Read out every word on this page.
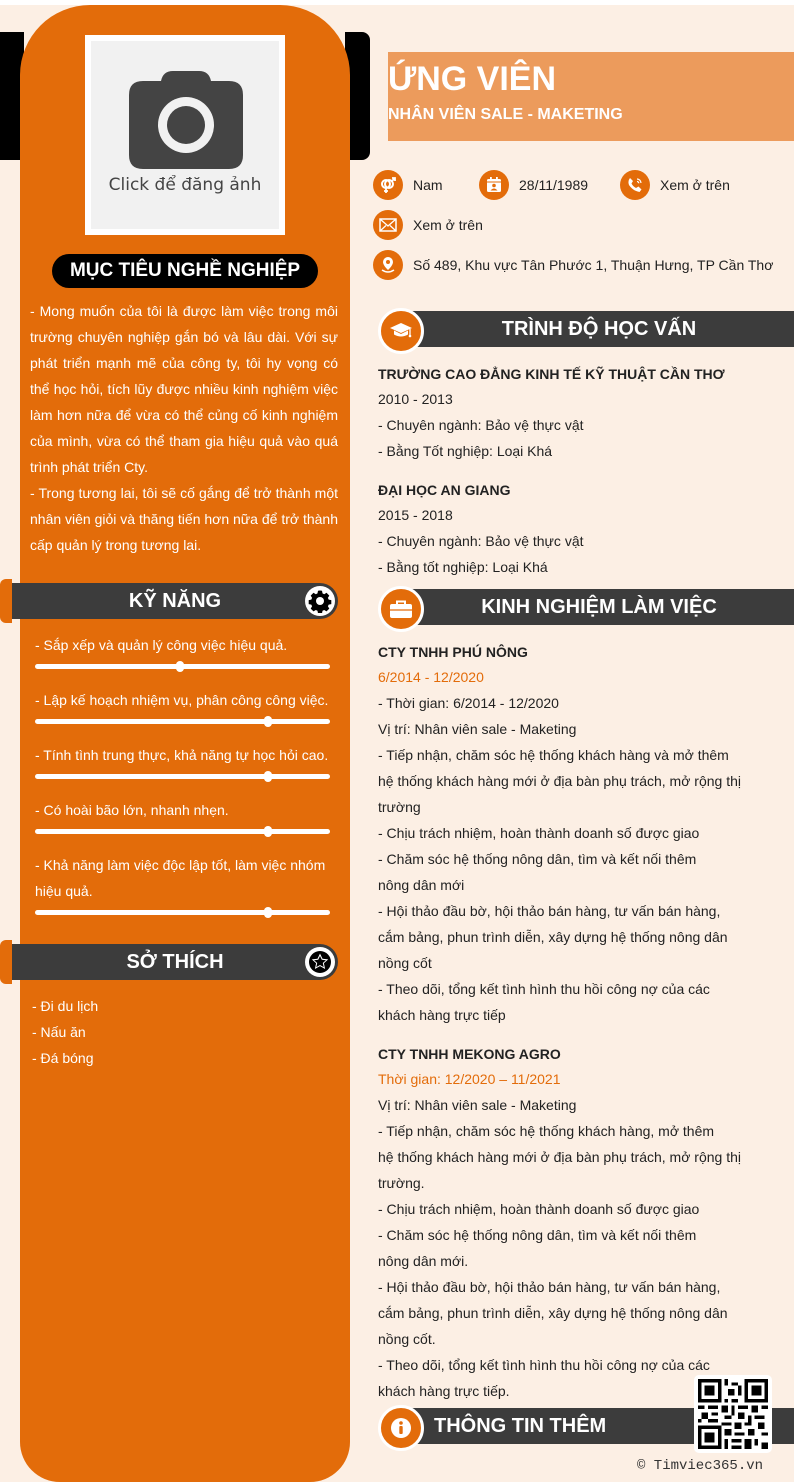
Click để đăng ảnh
MỤC TIÊU NGHỀ NGHIỆP

- Mong muốn của tôi là được làm việc trong môi trường chuyên nghiệp gắn bó và lâu dài. Với sự phát triển mạnh mẽ của công ty, tôi hy vọng có thể học hỏi, tích lũy được nhiều kinh nghiệm việc làm hơn nữa để vừa có thể củng cố kinh nghiệm của mình, vừa có thể tham gia hiệu quả vào quá trình phát triển Cty.

- Trong tương lai, tôi sẽ cố gắng để trở thành một nhân viên giỏi và thăng tiến hơn nữa để trở thành cấp quản lý trong tương lai.

KỸ NĂNG
- Sắp xếp và quản lý công việc hiệu quả.
- Lập kế hoạch nhiệm vụ, phân công công việc.
- Tính tình trung thực, khả năng tự học hỏi cao.
- Có hoài bão lớn, nhanh nhẹn.
- Khả năng làm việc độc lập tốt, làm việc nhóm hiệu quả.
SỞ THÍCH
- Đi du lịch
- Nấu ăn
- Đá bóng
ỨNG VIÊN
NHÂN VIÊN SALE - MAKETING
Nam	28/11/1989	Xem ở trên
Xem ở trên
Số 489, Khu vực Tân Phước 1, Thuận Hưng, TP Cần Thơ
TRÌNH ĐỘ HỌC VẤN
TRƯỜNG CAO ĐẲNG KINH TẾ KỸ THUẬT CẦN THƠ
2010 - 2013
- Chuyên ngành: Bảo vệ thực vật
- Bằng Tốt nghiệp: Loại Khá
ĐẠI HỌC AN GIANG
2015 - 2018
- Chuyên ngành: Bảo vệ thực vật
- Bằng tốt nghiệp: Loại Khá
KINH NGHIỆM LÀM VIỆC
CTY TNHH PHÚ NÔNG
6/2014 - 12/2020
- Thời gian: 6/2014 - 12/2020
Vị trí: Nhân viên sale - Maketing
- Tiếp nhận, chăm sóc hệ thống khách hàng và mở thêm
hệ thống khách hàng mới ở địa bàn phụ trách, mở rộng thị
trường
- Chịu trách nhiệm, hoàn thành doanh số được giao
- Chăm sóc hệ thống nông dân, tìm và kết nối thêm
nông dân mới
- Hội thảo đầu bờ, hội thảo bán hàng, tư vấn bán hàng,
cắm bảng, phun trình diễn, xây dựng hệ thống nông dân
nồng cốt
- Theo dõi, tổng kết tình hình thu hồi công nợ của các
khách hàng trực tiếp
CTY TNHH MEKONG AGRO
Thời gian: 12/2020 – 11/2021
Vị trí: Nhân viên sale - Maketing
- Tiếp nhận, chăm sóc hệ thống khách hàng, mở thêm
hệ thống khách hàng mới ở địa bàn phụ trách, mở rộng thị
trường.
- Chịu trách nhiệm, hoàn thành doanh số được giao
- Chăm sóc hệ thống nông dân, tìm và kết nối thêm
nông dân mới.
- Hội thảo đầu bờ, hội thảo bán hàng, tư vấn bán hàng,
cắm bảng, phun trình diễn, xây dựng hệ thống nông dân
nồng cốt.
- Theo dõi, tổng kết tình hình thu hồi công nợ của các
khách hàng trực tiếp.
THÔNG TIN THÊM
© Timviec365.vn
